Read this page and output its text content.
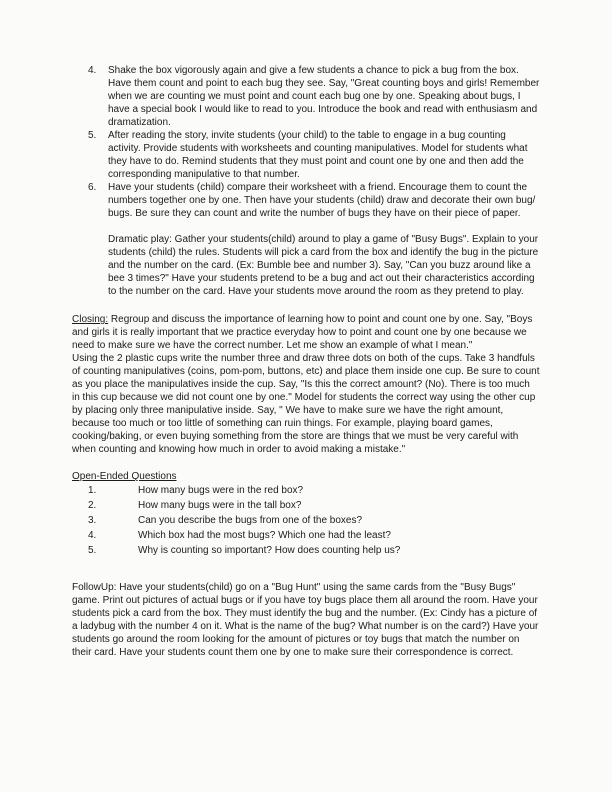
4.	Shake the box vigorously again and give a few students a chance to pick a bug from the box. Have them count and point to each bug they see. Say, "Great counting boys and girls! Remember when we are counting we must point and count each bug one by one. Speaking about bugs, I have a special book I would like to read to you. Introduce the book and read with enthusiasm and dramatization.
5.	After reading the story, invite students (your child) to the table to engage in a bug counting activity. Provide students with worksheets and counting manipulatives. Model for students what they have to do. Remind students that they must point and count one by one and then add the corresponding manipulative to that number.
6.	Have your students (child) compare their worksheet with a friend. Encourage them to count the numbers together one by one. Then have your students (child) draw and decorate their own bug/ bugs. Be sure they can count and write the number of bugs they have on their piece of paper.

Dramatic play: Gather your students(child) around to play a game of "Busy Bugs". Explain to your students (child) the rules. Students will pick a card from the box and identify the bug in the picture and the number on the card. (Ex: Bumble bee and number 3). Say, "Can you buzz around like a bee 3 times?" Have your students pretend to be a bug and act out their characteristics according to the number on the card. Have your students move around the room as they pretend to play.

Closing: Regroup and discuss the importance of learning how to point and count one by one. Say, "Boys and girls it is really important that we practice everyday how to point and count one by one because we need to make sure we have the correct number. Let me show an example of what I mean."

Using the 2 plastic cups write the number three and draw three dots on both of the cups. Take 3 handfuls of counting manipulatives (coins, pom-pom, buttons, etc) and place them inside one cup. Be sure to count as you place the manipulatives inside the cup. Say, "Is this the correct amount? (No). There is too much in this cup because we did not count one by one." Model for students the correct way using the other cup by placing only three manipulative inside. Say, " We have to make sure we have the right amount, because too much or too little of something can ruin things. For example, playing board games, cooking/baking, or even buying something from the store are things that we must be very careful with when counting and knowing how much in order to avoid making a mistake."

Open-Ended Questions

1.	How many bugs were in the red box?
2.	How many bugs were in the tall box?
3.	Can you describe the bugs from one of the boxes?
4.	Which box had the most bugs? Which one had the least?
5.	Why is counting so important? How does counting help us?

FollowUp: Have your students(child) go on a "Bug Hunt" using the same cards from the "Busy Bugs" game. Print out pictures of actual bugs or if you have toy bugs place them all around the room. Have your students pick a card from the box. They must identify the bug and the number. (Ex: Cindy has a picture of a ladybug with the number 4 on it. What is the name of the bug? What number is on the card?) Have your students go around the room looking for the amount of pictures or toy bugs that match the number on their card. Have your students count them one by one to make sure their correspondence is correct.
